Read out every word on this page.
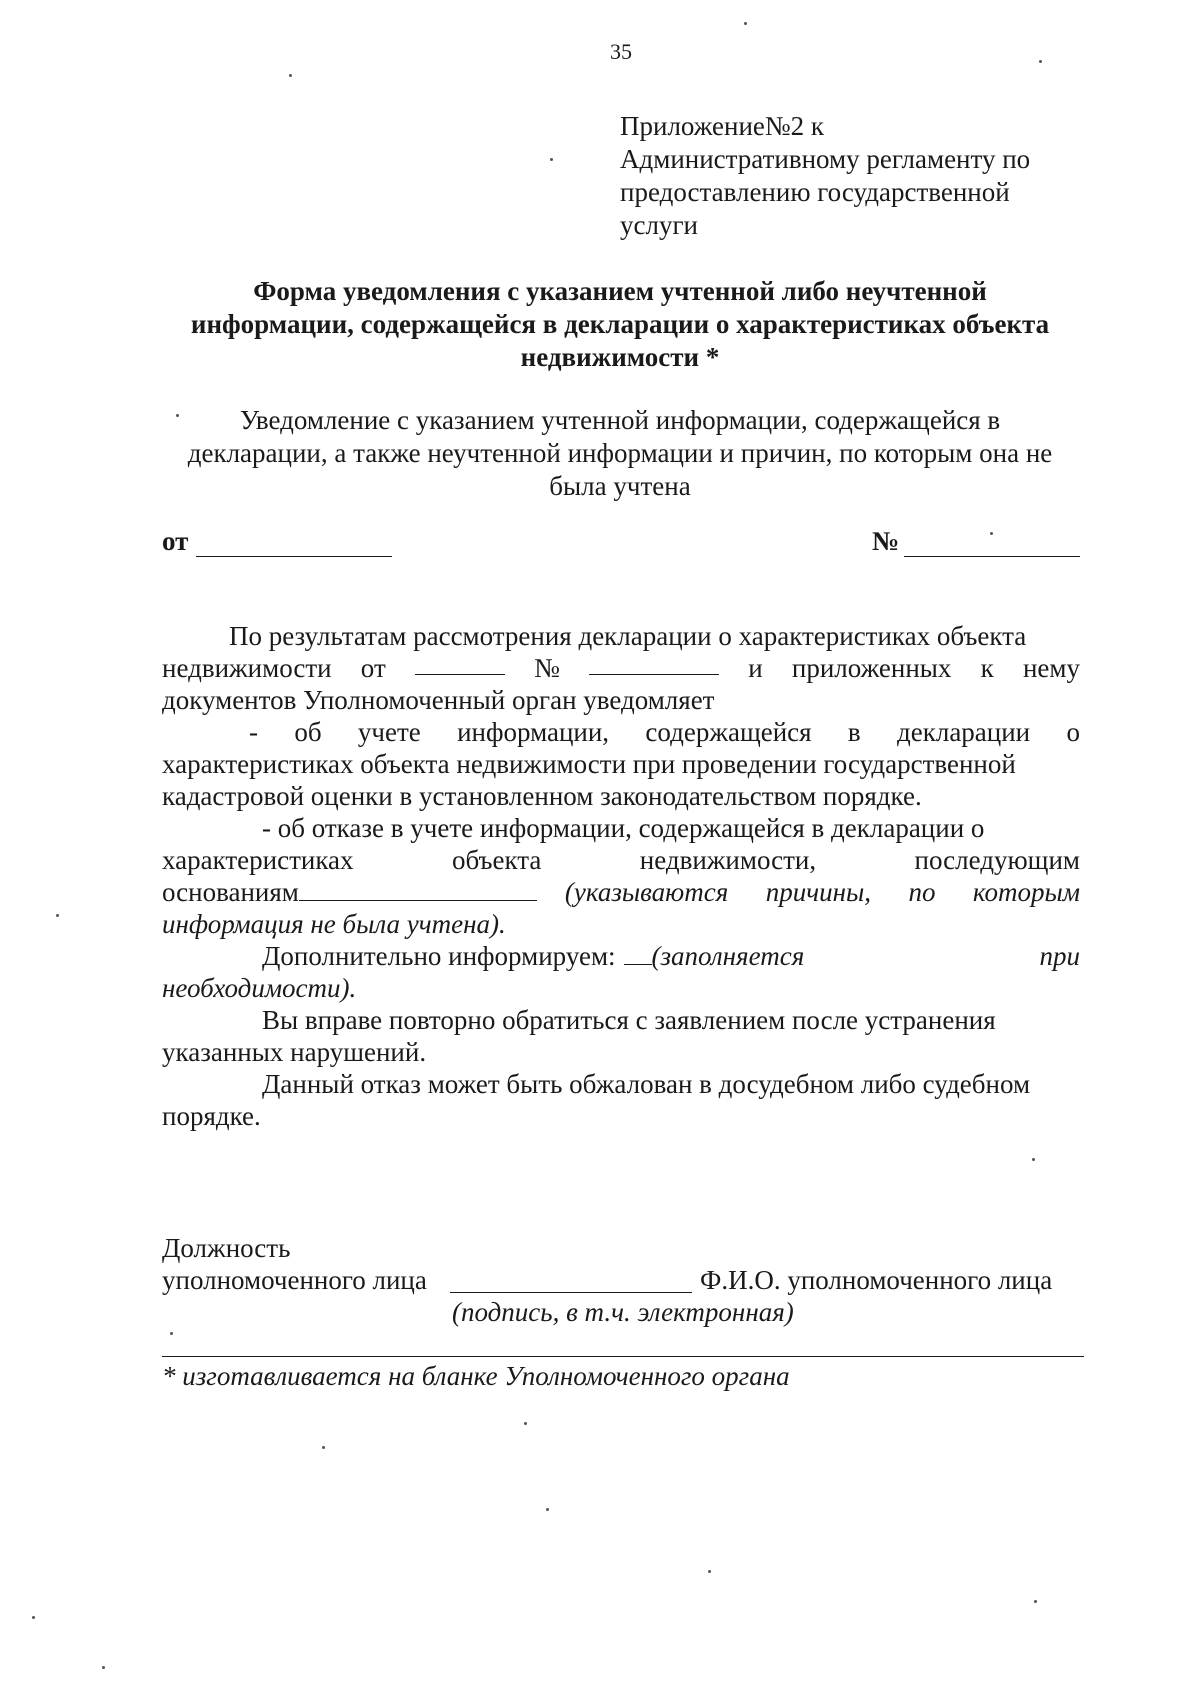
35
Приложение№2 к
Административному регламенту по
предоставлению государственной
услуги
Форма уведомления с указанием учтенной либо неучтенной
информации, содержащейся в декларации о характеристиках объекта
недвижимости *
Уведомление с указанием учтенной информации, содержащейся в
декларации, а также неучтенной информации и причин, по которым она не
была учтена
от	№
По результатам рассмотрения декларации о характеристиках объекта
недвижимости от	№	и приложенных к нему
документов Уполномоченный орган уведомляет
- об учете информации, содержащейся в декларации о
характеристиках объекта недвижимости при проведении государственной
кадастровой оценки в установленном законодательством порядке.
- об отказе в учете информации, содержащейся в декларации о
характеристиках	объекта	недвижимости,	последующим
основаниям	(указываются причины, по которым
информация не была учтена).
Дополнительно информируем: (заполняется	при
необходимости).
Вы вправе повторно обратиться с заявлением после устранения
указанных нарушений.
Данный отказ может быть обжалован в досудебном либо судебном
порядке.
Должность
уполномоченного лица	Ф.И.О. уполномоченного лица
(подпись, в т.ч. электронная)
* изготавливается на бланке Уполномоченного органа
